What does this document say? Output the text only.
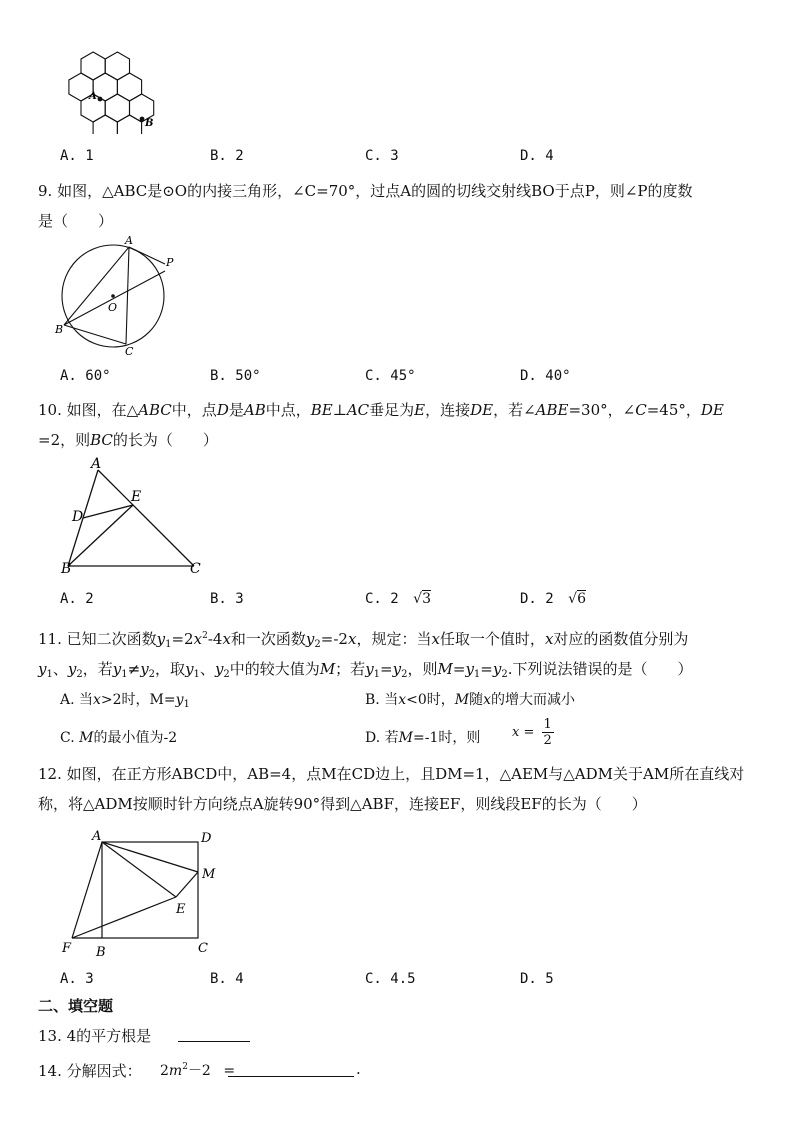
A
B
A. 1	B. 2	C. 3	D. 4
9. 如图，△ABC是⊙O的内接三角形，∠C=70°，过点A的圆的切线交射线BO于点P，则∠P的度数
是（　　）
A
P
O
B
C
A. 60°	B. 50°	C. 45°	D. 40°
10. 如图，在△ABC中，点D是AB中点，BE⊥AC垂足为E，连接DE，若∠ABE=30°，∠C=45°，DE
=2，则BC的长为（　　）
A
E
D
B	C
A. 2	B. 3	C. 2 √3	D. 2 √6
11. 已知二次函数$y_1=2x^2-4x$和一次函数$y_2=-2x$，规定：当x任取一个值时，x对应的函数值分别为
$y_1$、$y_2$，若$y_1\ne y_2$，取$y_1$、$y_2$中的较大值为M；若$y_1=y_2$，则$M=y_1=y_2$.下列说法错误的是（　　）
A. 当x>2时，$M=y_1$	B. 当x<0时，M随x的增大而减小
C. M的最小值为-2	D. 若M=-1时，则 $x = \frac{1}{2}$
12. 如图，在正方形ABCD中，AB=4，点M在CD边上，且DM=1，△AEM与△ADM关于AM所在直线对
称，将△ADM按顺时针方向绕点A旋转90°得到△ABF，连接EF，则线段EF的长为（　　）
A	D
M
E
F B	C
A. 3	B. 4	C. 4.5	D. 5
二、填空题
13. 4的平方根是
14. 分解因式： $2m^2-2$ =	.
